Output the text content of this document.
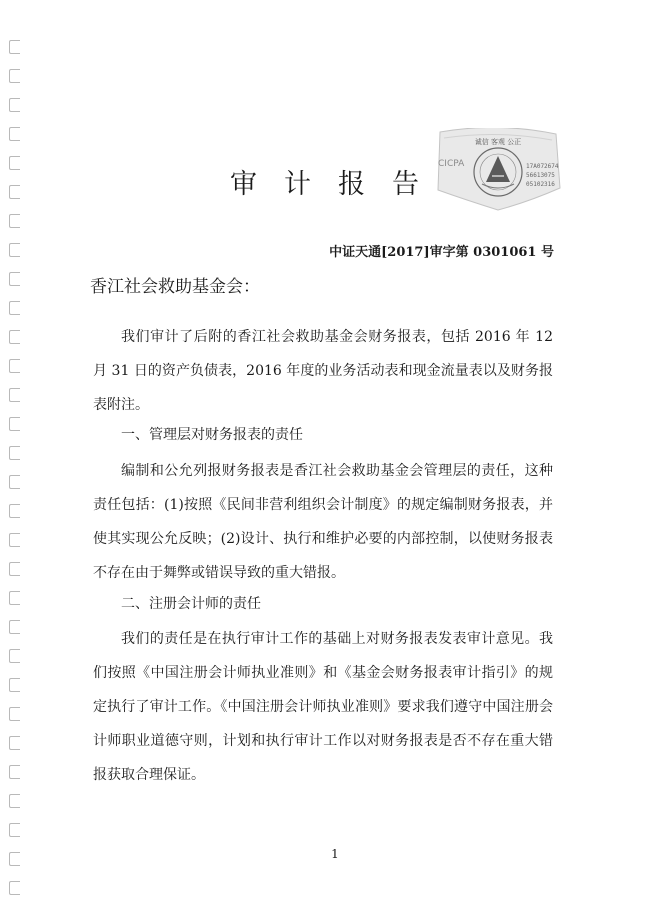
诚信 客观 公正
CICPA	17A072674
56613075
05102316
审计报告
中证天通[2017]审字第 0301061 号
香江社会救助基金会：

我们审计了后附的香江社会救助基金会财务报表，包括 2016 年 12 月 31 日的资产负债表，2016 年度的业务活动表和现金流量表以及财务报表附注。

一、管理层对财务报表的责任

编制和公允列报财务报表是香江社会救助基金会管理层的责任，这种责任包括：(1)按照《民间非营利组织会计制度》的规定编制财务报表，并使其实现公允反映；(2)设计、执行和维护必要的内部控制，以使财务报表不存在由于舞弊或错误导致的重大错报。

二、注册会计师的责任

我们的责任是在执行审计工作的基础上对财务报表发表审计意见。我们按照《中国注册会计师执业准则》和《基金会财务报表审计指引》的规定执行了审计工作。《中国注册会计师执业准则》要求我们遵守中国注册会计师职业道德守则，计划和执行审计工作以对财务报表是否不存在重大错报获取合理保证。

1
